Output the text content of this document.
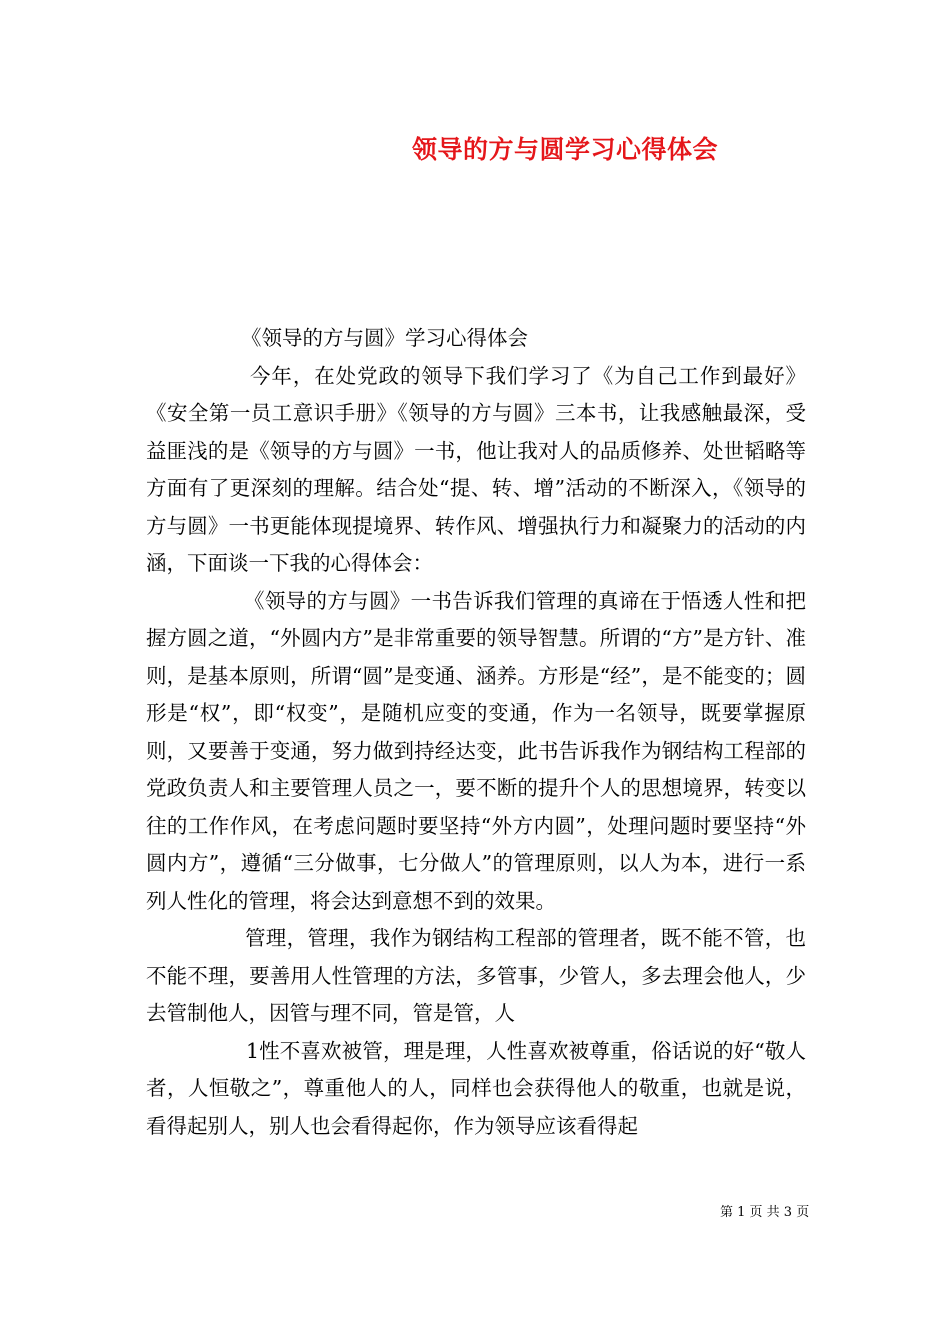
领导的方与圆学习心得体会

《领导的方与圆》学习心得体会

今年，在处党政的领导下我们学习了《为自己工作到最好》《安全第一员工意识手册》《领导的方与圆》三本书，让我感触最深，受益匪浅的是《领导的方与圆》一书，他让我对人的品质修养、处世韬略等方面有了更深刻的理解。结合处“提、转、增”活动的不断深入，《领导的方与圆》一书更能体现提境界、转作风、增强执行力和凝聚力的活动的内涵，下面谈一下我的心得体会：

《领导的方与圆》一书告诉我们管理的真谛在于悟透人性和把握方圆之道，“外圆内方”是非常重要的领导智慧。所谓的“方”是方针、准则，是基本原则，所谓“圆”是变通、涵养。方形是“经”，是不能变的；圆形是“权”，即“权变”，是随机应变的变通，作为一名领导，既要掌握原则，又要善于变通，努力做到持经达变，此书告诉我作为钢结构工程部的党政负责人和主要管理人员之一，要不断的提升个人的思想境界，转变以往的工作作风，在考虑问题时要坚持“外方内圆”，处理问题时要坚持“外圆内方”，遵循“三分做事，七分做人”的管理原则，以人为本，进行一系列人性化的管理，将会达到意想不到的效果。

管理，管理，我作为钢结构工程部的管理者，既不能不管，也不能不理，要善用人性管理的方法，多管事，少管人，多去理会他人，少去管制他人，因管与理不同，管是管，人

1性不喜欢被管，理是理，人性喜欢被尊重，俗话说的好“敬人者，人恒敬之”，尊重他人的人，同样也会获得他人的敬重，也就是说，看得起别人，别人也会看得起你，作为领导应该看得起

第 1 页 共 3 页
